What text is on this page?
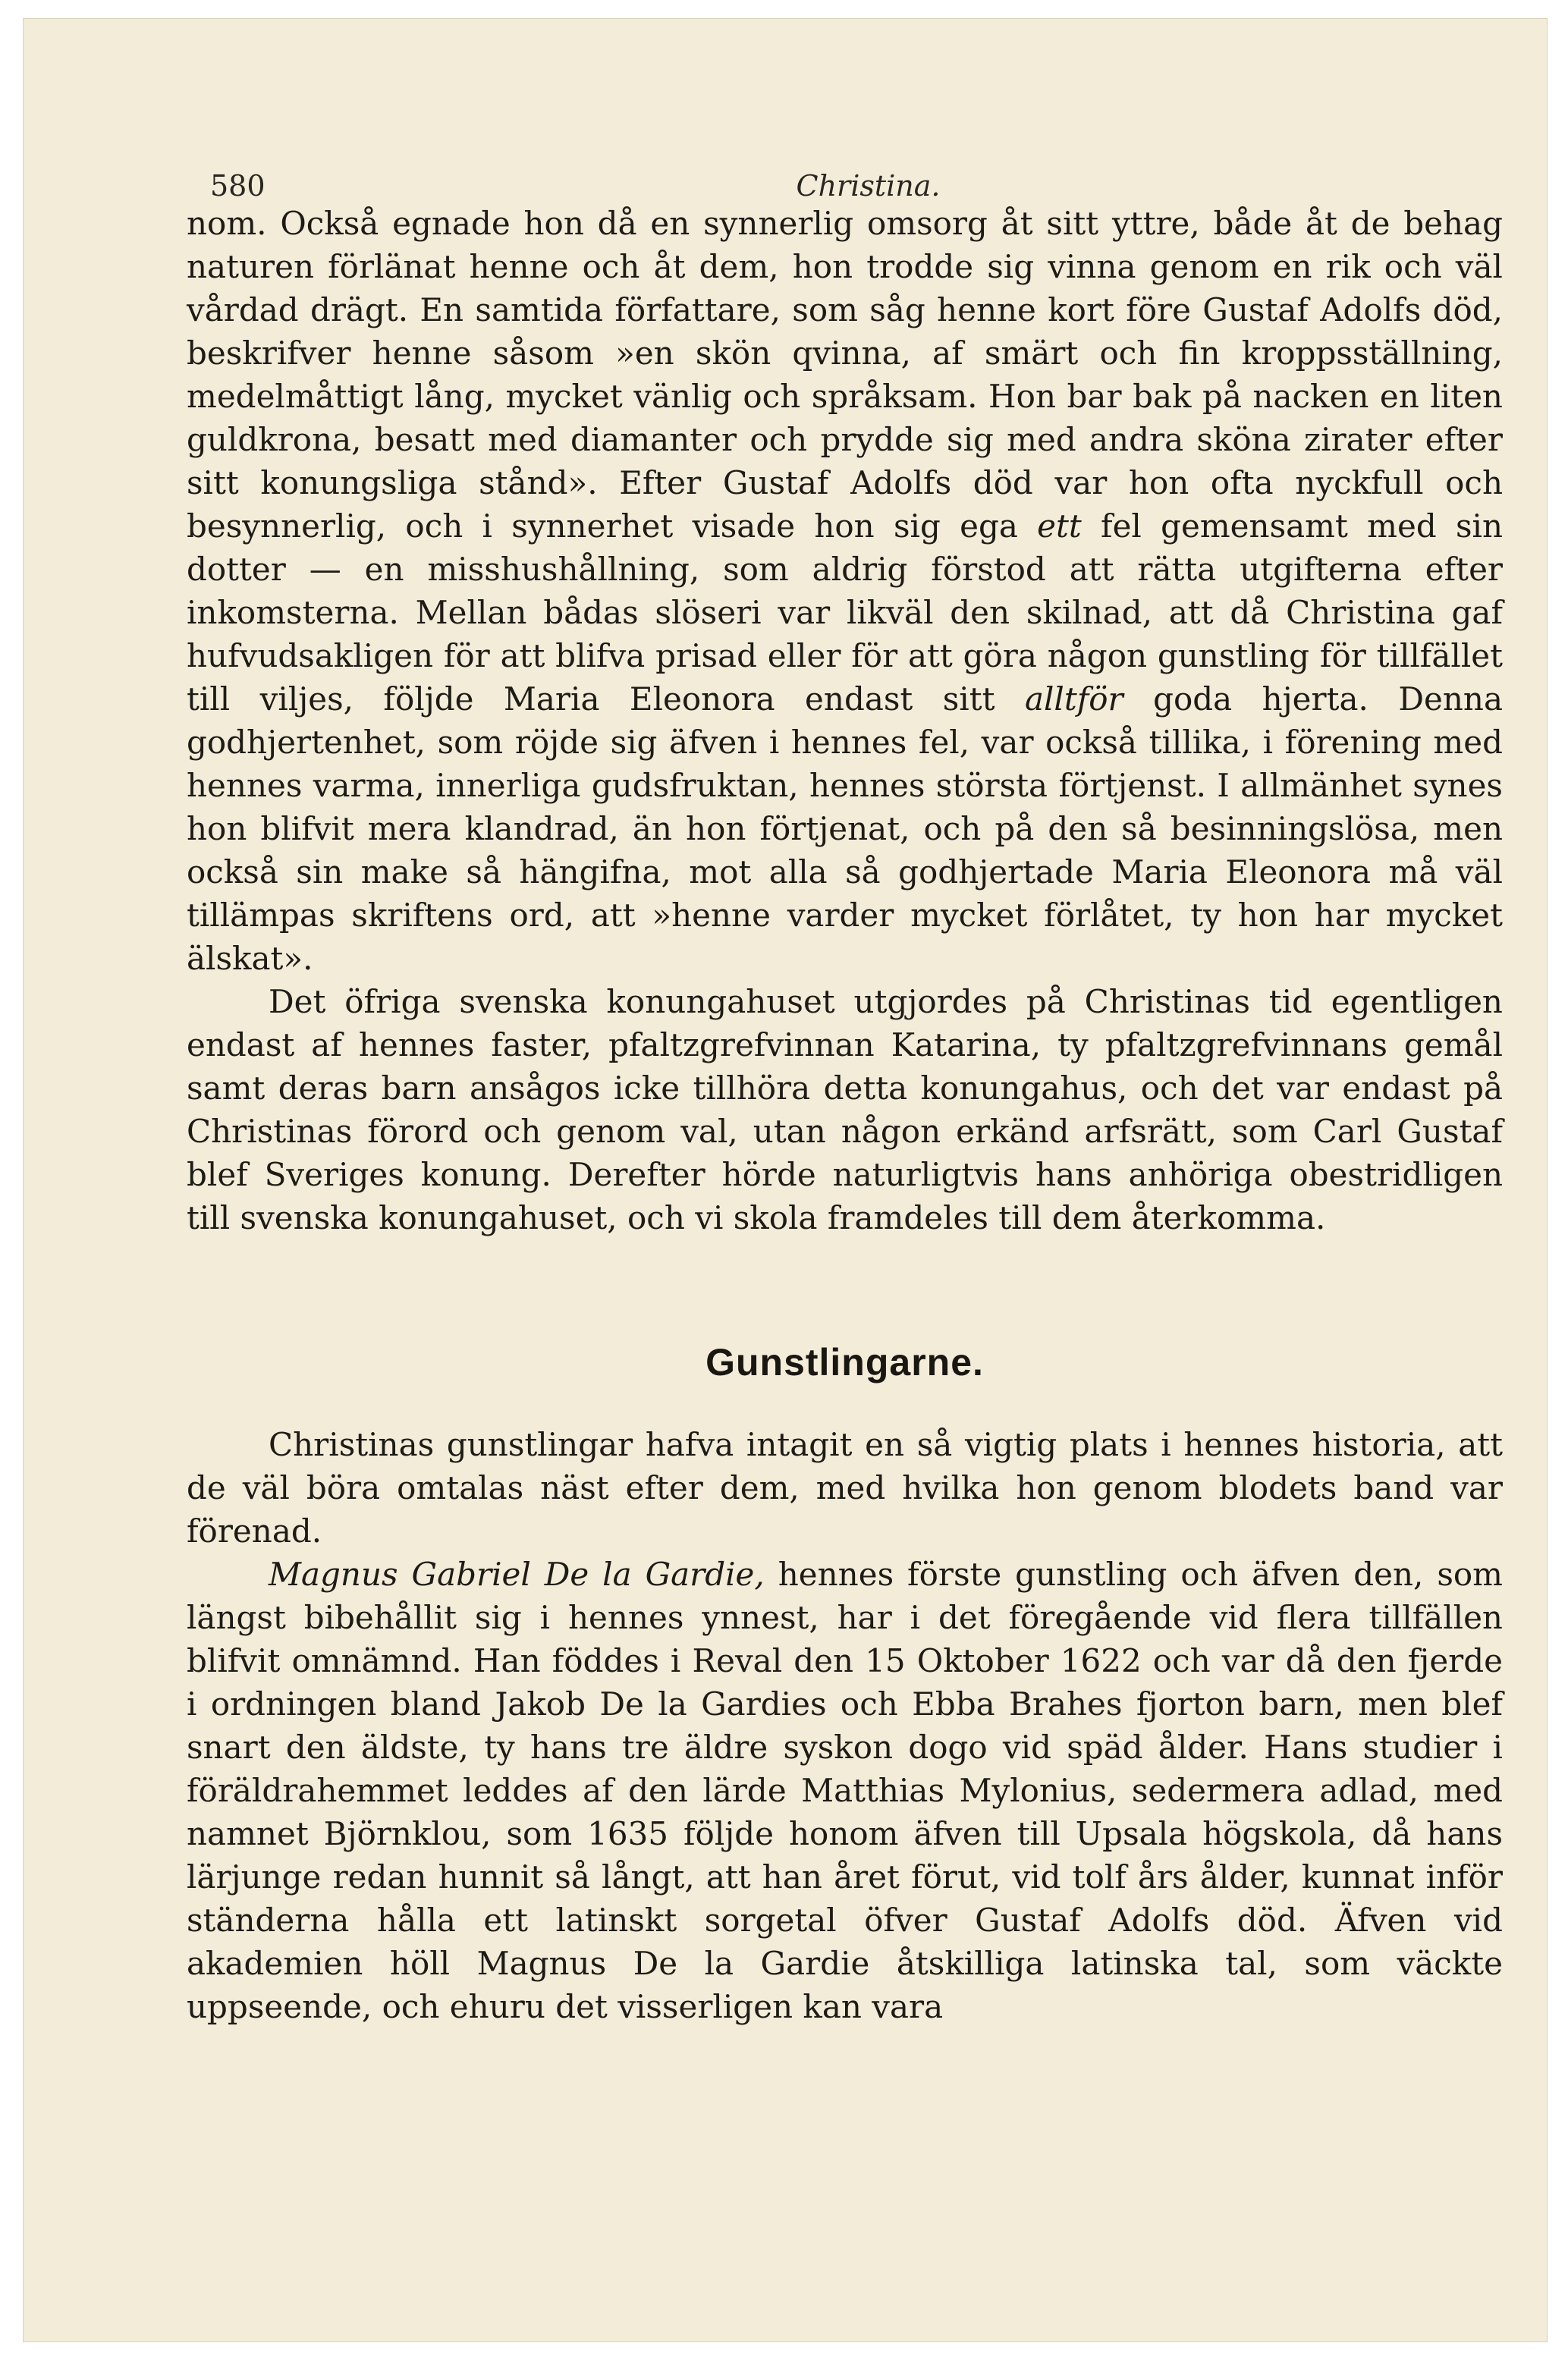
580	Christina.

nom. Också egnade hon då en synnerlig omsorg åt sitt yttre, både åt de behag naturen förlänat henne och åt dem, hon trodde sig vinna genom en rik och väl vårdad drägt. En samtida författare, som såg henne kort före Gustaf Adolfs död, beskrifver henne såsom »en skön qvinna, af smärt och fin kroppsställning, medelmåttigt lång, mycket vänlig och språksam. Hon bar bak på nacken en liten guldkrona, besatt med diamanter och prydde sig med andra sköna zirater efter sitt konungsliga stånd». Efter Gustaf Adolfs död var hon ofta nyckfull och besynnerlig, och i synnerhet visade hon sig ega ett fel gemensamt med sin dotter — en misshushållning, som aldrig förstod att rätta utgifterna efter inkomsterna. Mellan bådas slöseri var likväl den skilnad, att då Christina gaf hufvudsakligen för att blifva prisad eller för att göra någon gunstling för tillfället till viljes, följde Maria Eleonora endast sitt alltför goda hjerta. Denna godhjertenhet, som röjde sig äfven i hennes fel, var också tillika, i förening med hennes varma, innerliga gudsfruktan, hennes största förtjenst. I allmänhet synes hon blifvit mera klandrad, än hon förtjenat, och på den så besinningslösa, men också sin make så hängifna, mot alla så godhjertade Maria Eleonora må väl tillämpas skriftens ord, att »henne varder mycket förlåtet, ty hon har mycket älskat».

Det öfriga svenska konungahuset utgjordes på Christinas tid egentligen endast af hennes faster, pfaltzgrefvinnan Katarina, ty pfaltzgrefvinnans gemål samt deras barn ansågos icke tillhöra detta konungahus, och det var endast på Christinas förord och genom val, utan någon erkänd arfsrätt, som Carl Gustaf blef Sveriges konung. Derefter hörde naturligtvis hans anhöriga obestridligen till svenska konungahuset, och vi skola framdeles till dem återkomma.

Gunstlingarne.

Christinas gunstlingar hafva intagit en så vigtig plats i hennes historia, att de väl böra omtalas näst efter dem, med hvilka hon genom blodets band var förenad.

Magnus Gabriel De la Gardie, hennes förste gunstling och äfven den, som längst bibehållit sig i hennes ynnest, har i det föregående vid flera tillfällen blifvit omnämnd. Han föddes i Reval den 15 Oktober 1622 och var då den fjerde i ordningen bland Jakob De la Gardies och Ebba Brahes fjorton barn, men blef snart den äldste, ty hans tre äldre syskon dogo vid späd ålder. Hans studier i föräldrahemmet leddes af den lärde Matthias Mylonius, sedermera adlad, med namnet Björnklou, som 1635 följde honom äfven till Upsala högskola, då hans lärjunge redan hunnit så långt, att han året förut, vid tolf års ålder, kunnat inför ständerna hålla ett latinskt sorgetal öfver Gustaf Adolfs död. Äfven vid akademien höll Magnus De la Gardie åtskilliga latinska tal, som väckte uppseende, och ehuru det visserligen kan vara
